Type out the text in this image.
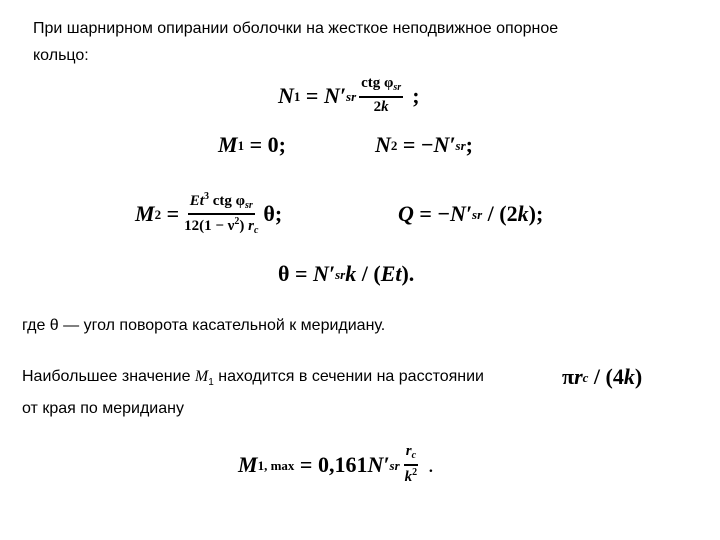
При шарнирном опирании оболочки на жесткое неподвижное опорное
кольцо:
N 1 = N′ sr $\frac{ctg \varphi_{sr}}{2k}$ ;
M 1 = 0;	N 2 = − N′ sr ;
M $2 = \frac{Et^3 ctg \varphi_{sr}}{12(1 - \nu^2) r_c} \theta$;	Q = − N′ sr / (2 k );
θ = N′ sr k / ( Et ).
где θ — угол поворота касательной к меридиану.
Наибольшее значение $M_1$ находится в сечении на расстоянии	π r c / (4 k )
от края по меридиану
M 1, max = 0,161 N′ sr $\frac{r_c}{k^2}$ .
